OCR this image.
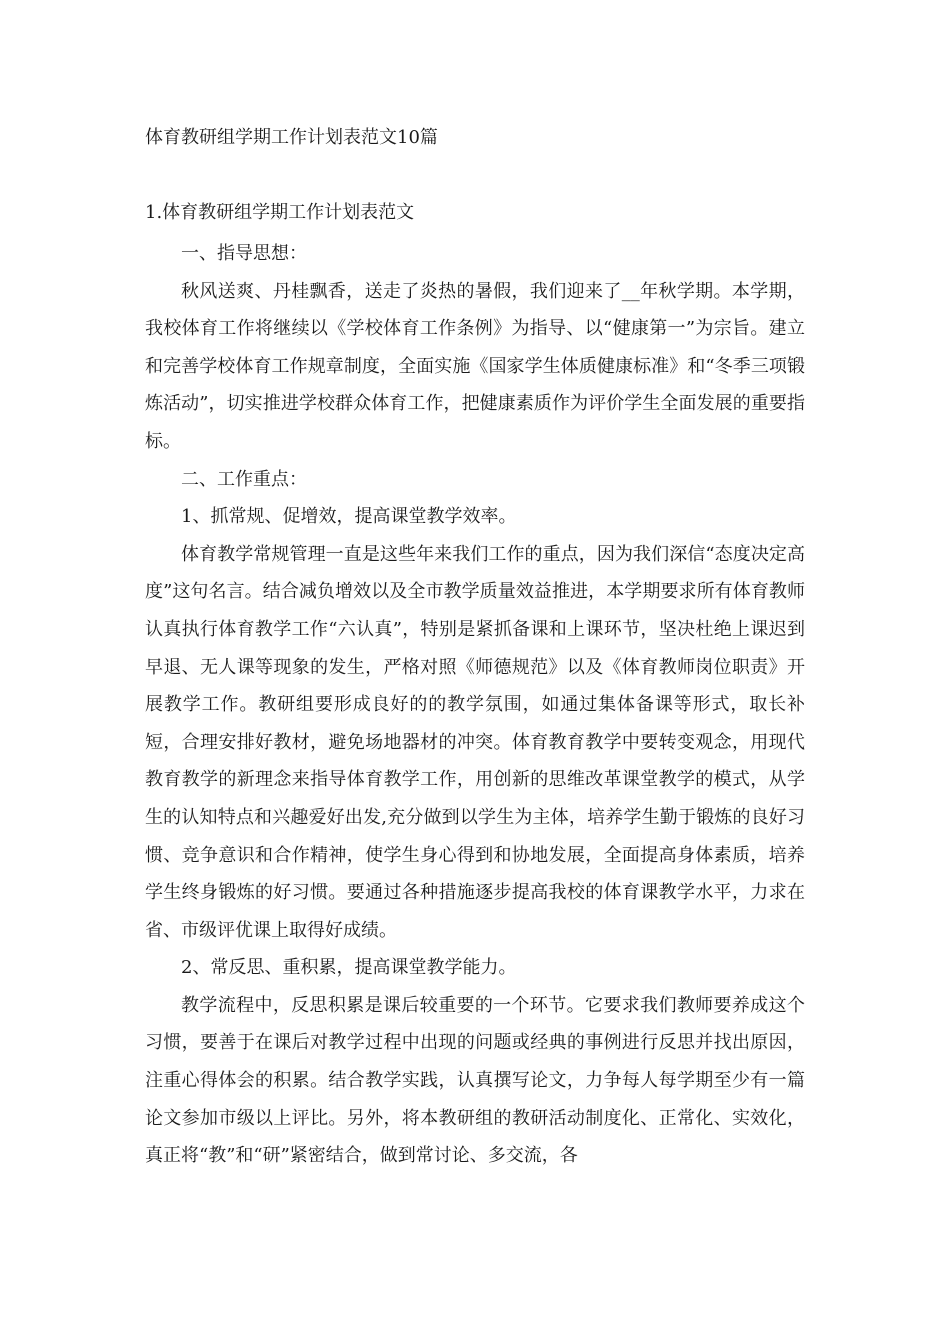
体育教研组学期工作计划表范文10篇
1.体育教研组学期工作计划表范文

一、指导思想：

秋风送爽、丹桂飘香，送走了炎热的暑假，我们迎来了__年秋学期。本学期，我校体育工作将继续以《学校体育工作条例》为指导、以“健康第一”为宗旨。建立和完善学校体育工作规章制度，全面实施《国家学生体质健康标准》和“冬季三项锻炼活动”，切实推进学校群众体育工作，把健康素质作为评价学生全面发展的重要指标。

二、工作重点：

1、抓常规、促增效，提高课堂教学效率。

体育教学常规管理一直是这些年来我们工作的重点，因为我们深信“态度决定高度”这句名言。结合减负增效以及全市教学质量效益推进，本学期要求所有体育教师认真执行体育教学工作“六认真”，特别是紧抓备课和上课环节，坚决杜绝上课迟到早退、无人课等现象的发生，严格对照《师德规范》以及《体育教师岗位职责》开展教学工作。教研组要形成良好的的教学氛围，如通过集体备课等形式，取长补短，合理安排好教材，避免场地器材的冲突。体育教育教学中要转变观念，用现代教育教学的新理念来指导体育教学工作，用创新的思维改革课堂教学的模式，从学生的认知特点和兴趣爱好出发,充分做到以学生为主体，培养学生勤于锻炼的良好习惯、竞争意识和合作精神，使学生身心得到和协地发展，全面提高身体素质，培养学生终身锻炼的好习惯。要通过各种措施逐步提高我校的体育课教学水平，力求在省、市级评优课上取得好成绩。

2、常反思、重积累，提高课堂教学能力。

教学流程中，反思积累是课后较重要的一个环节。它要求我们教师要养成这个习惯，要善于在课后对教学过程中出现的问题或经典的事例进行反思并找出原因，注重心得体会的积累。结合教学实践，认真撰写论文，力争每人每学期至少有一篇论文参加市级以上评比。另外，将本教研组的教研活动制度化、正常化、实效化，真正将“教”和“研”紧密结合，做到常讨论、多交流，各
